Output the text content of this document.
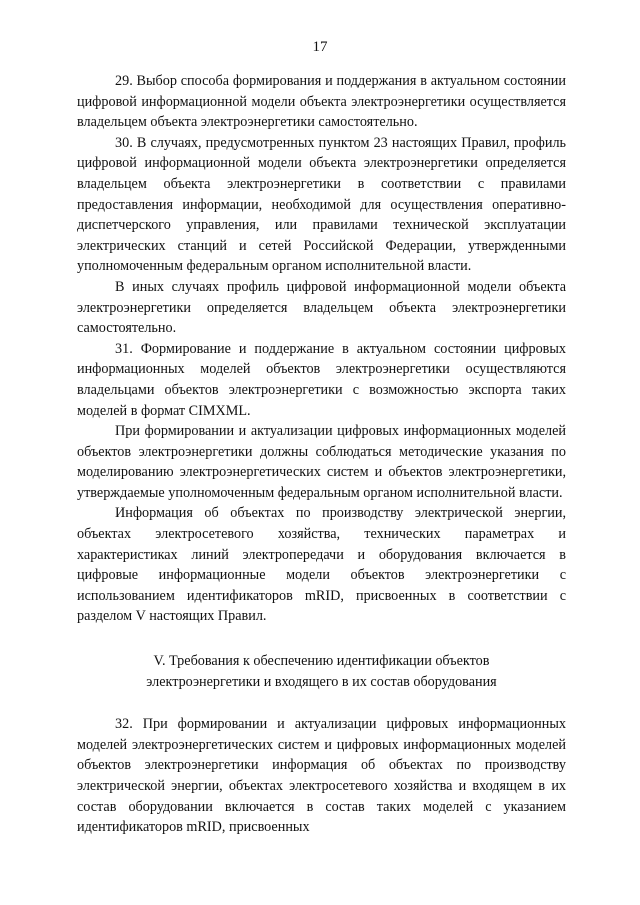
17

29. Выбор способа формирования и поддержания в актуальном состоянии цифровой информационной модели объекта электроэнергетики осуществляется владельцем объекта электроэнергетики самостоятельно.

30. В случаях, предусмотренных пунктом 23 настоящих Правил, профиль цифровой информационной модели объекта электроэнергетики определяется владельцем объекта электроэнергетики в соответствии с правилами предоставления информации, необходимой для осуществления оперативно-диспетчерского управления, или правилами технической эксплуатации электрических станций и сетей Российской Федерации, утвержденными уполномоченным федеральным органом исполнительной власти.

В иных случаях профиль цифровой информационной модели объекта электроэнергетики определяется владельцем объекта электроэнергетики самостоятельно.

31. Формирование и поддержание в актуальном состоянии цифровых информационных моделей объектов электроэнергетики осуществляются владельцами объектов электроэнергетики с возможностью экспорта таких моделей в формат CIMXML.

При формировании и актуализации цифровых информационных моделей объектов электроэнергетики должны соблюдаться методические указания по моделированию электроэнергетических систем и объектов электроэнергетики, утверждаемые уполномоченным федеральным органом исполнительной власти.

Информация об объектах по производству электрической энергии, объектах электросетевого хозяйства, технических параметрах и характеристиках линий электропередачи и оборудования включается в цифровые информационные модели объектов электроэнергетики с использованием идентификаторов mRID, присвоенных в соответствии с разделом V настоящих Правил.

V. Требования к обеспечению идентификации объектов
электроэнергетики и входящего в их состав оборудования

32. При формировании и актуализации цифровых информационных моделей электроэнергетических систем и цифровых информационных моделей объектов электроэнергетики информация об объектах по производству электрической энергии, объектах электросетевого хозяйства и входящем в их состав оборудовании включается в состав таких моделей с указанием идентификаторов mRID, присвоенных
